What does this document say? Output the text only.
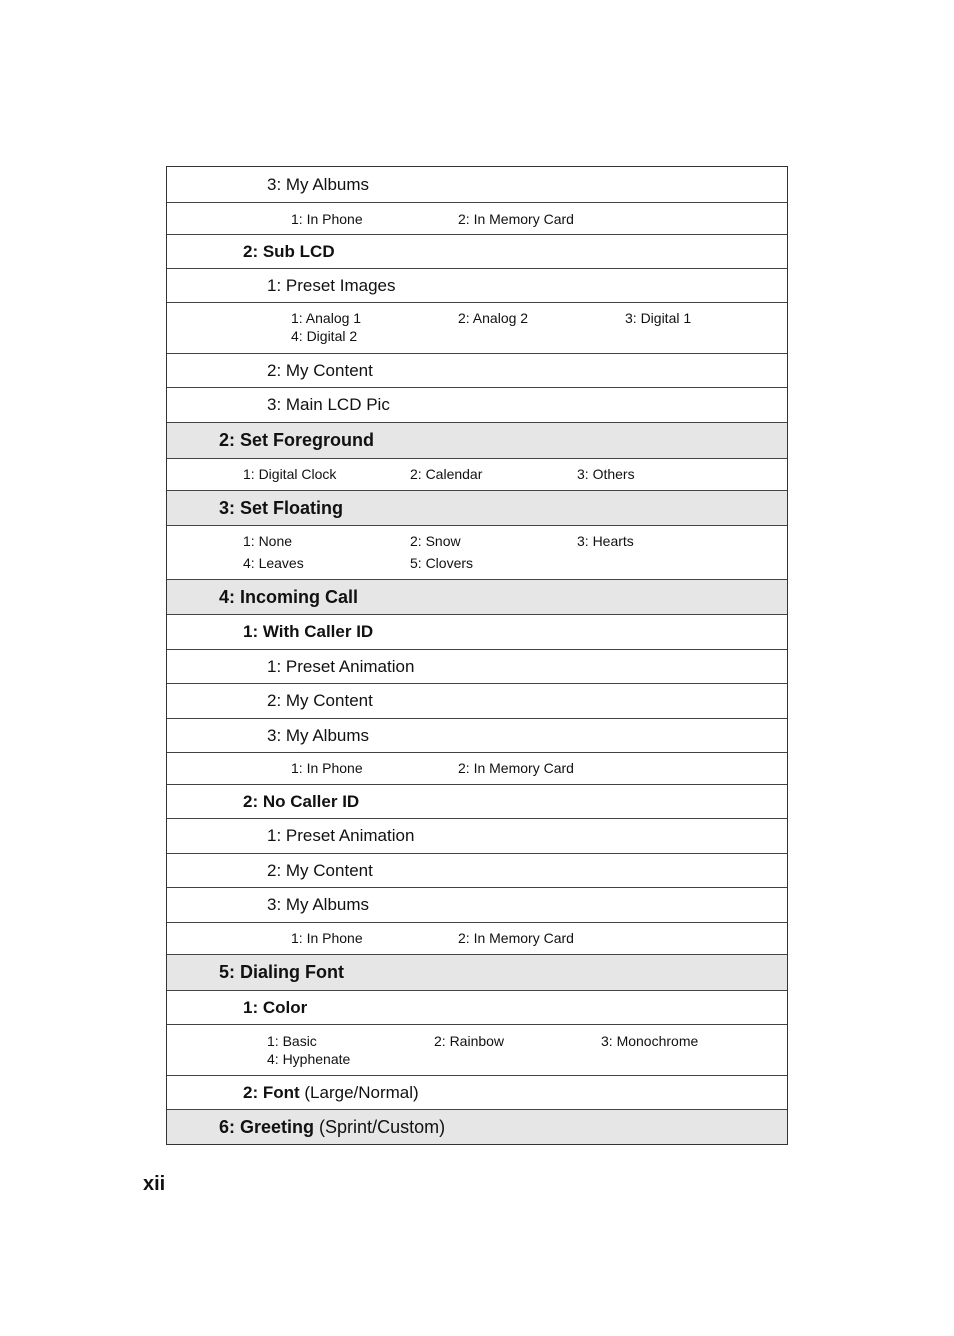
3: My Albums
1: In Phone	2: In Memory Card
2: Sub LCD
1: Preset Images
1: Analog 1	2: Analog 2	3: Digital 1
4: Digital 2
2: My Content
3: Main LCD Pic
2: Set Foreground
1: Digital Clock	2: Calendar	3: Others
3: Set Floating
1: None	2: Snow	3: Hearts
4: Leaves	5: Clovers
4: Incoming Call
1: With Caller ID
1: Preset Animation
2: My Content
3: My Albums
1: In Phone	2: In Memory Card
2: No Caller ID
1: Preset Animation
2: My Content
3: My Albums
1: In Phone	2: In Memory Card
5: Dialing Font
1: Color
1: Basic	2: Rainbow	3: Monochrome
4: Hyphenate
2: Font (Large/Normal)
6: Greeting (Sprint/Custom)
xii
